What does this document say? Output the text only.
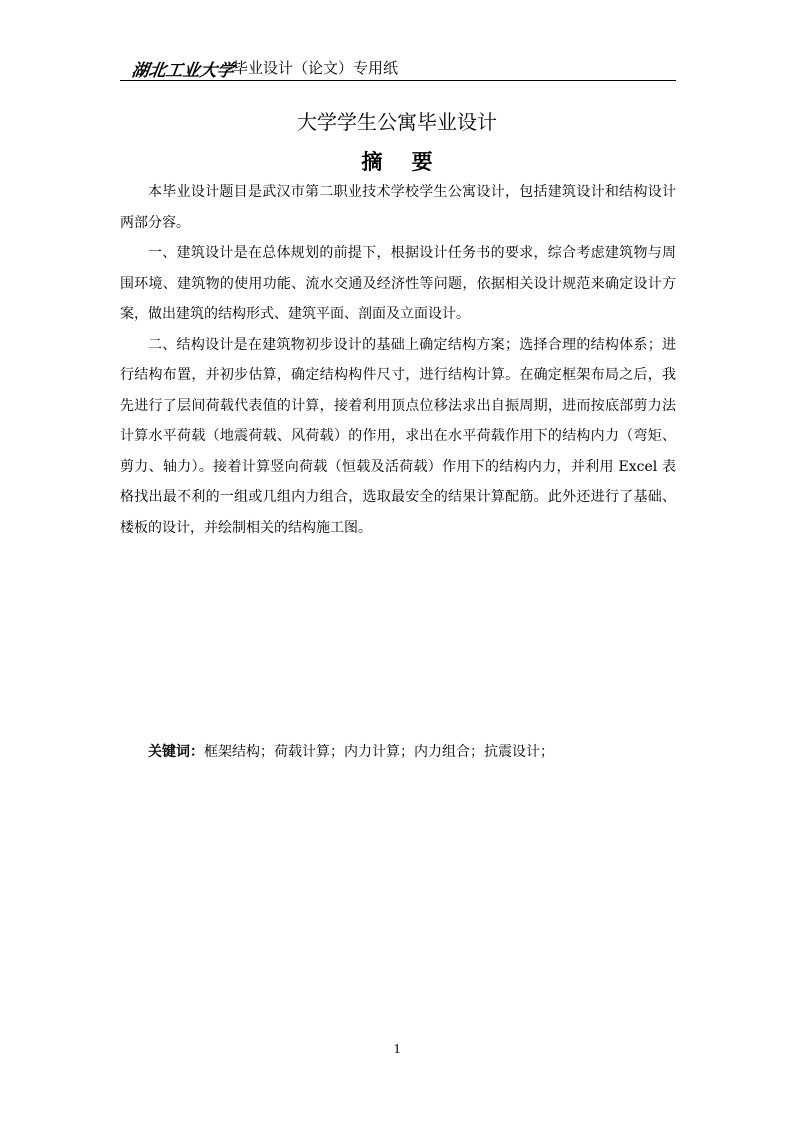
湖北工业大学
毕业设计（论文）专用纸
大学学生公寓毕业设计
摘    要

本毕业设计题目是武汉市第二职业技术学校学生公寓设计，包括建筑设计和结构设计两部分容。

一、建筑设计是在总体规划的前提下，根据设计任务书的要求，综合考虑建筑物与周围环境、建筑物的使用功能、流水交通及经济性等问题，依据相关设计规范来确定设计方案，做出建筑的结构形式、建筑平面、剖面及立面设计。

二、结构设计是在建筑物初步设计的基础上确定结构方案；选择合理的结构体系；进行结构布置，并初步估算，确定结构构件尺寸，进行结构计算。在确定框架布局之后，我先进行了层间荷载代表值的计算，接着利用顶点位移法求出自振周期，进而按底部剪力法计算水平荷载（地震荷载、风荷载）的作用，求出在水平荷载作用下的结构内力（弯矩、剪力、轴力）。接着计算竖向荷载（恒载及活荷载）作用下的结构内力，并利用 Excel 表格找出最不利的一组或几组内力组合，选取最安全的结果计算配筋。此外还进行了基础、楼板的设计，并绘制相关的结构施工图。

关键词：框架结构；荷载计算；内力计算；内力组合；抗震设计；
1
